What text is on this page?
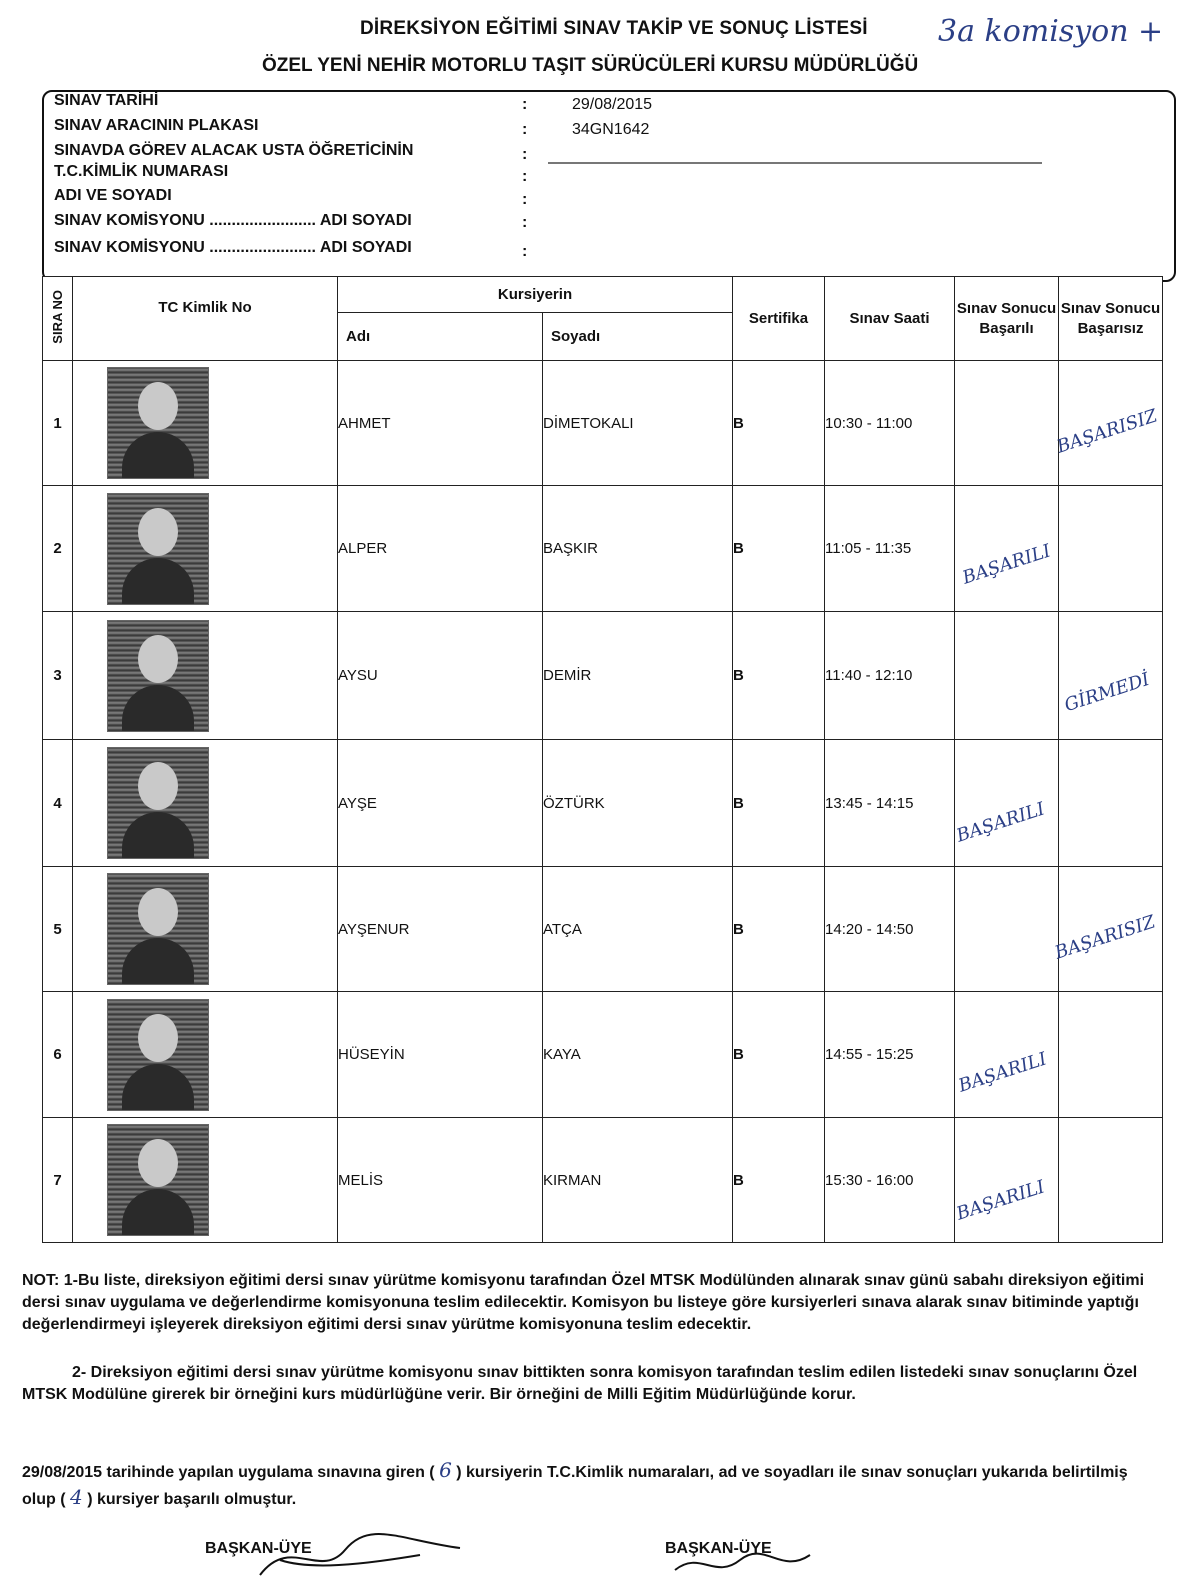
DİREKSİYON EĞİTİMİ SINAV TAKİP VE SONUÇ LİSTESİ 3a komisyon +
ÖZEL YENİ NEHİR MOTORLU TAŞIT SÜRÜCÜLERİ KURSU MÜDÜRLÜĞÜ
SINAV TARİHİ	:	29/08/2015
SINAV ARACININ PLAKASI	:	34GN1642
SINAVDA GÖREV ALACAK USTA ÖĞRETİCİNİN	:
T.C.KİMLİK NUMARASI	:
ADI VE SOYADI	:
SINAV KOMİSYONU ........................ ADI SOYADI	:
SINAV KOMİSYONU ........................ ADI SOYADI	:
SIRA NO	TC Kimlik No	Kursiyerin		Sertifika	Sınav Saati	Sınav Sonucu Başarılı	Sınav Sonucu Başarısız
		Adı	Soyadı				
1		AHMET	DİMETOKALI	B	10:30 - 11:00		BAŞARISIZ

2		ALPER	BAŞKIR	B	11:05 - 11:35	BAŞARILI	

3		AYSU	DEMİR	B	11:40 - 12:10		GİRMEDİ

4		AYŞE	ÖZTÜRK	B	13:45 - 14:15	BAŞARILI	

5		AYŞENUR	ATÇA	B	14:20 - 14:50		BAŞARISIZ

6		HÜSEYİN	KAYA	B	14:55 - 15:25	BAŞARILI	

7		MELİS	KIRMAN	B	15:30 - 16:00	BAŞARILI	

NOT: 1-Bu liste, direksiyon eğitimi dersi sınav yürütme komisyonu tarafından Özel MTSK Modülünden alınarak sınav günü sabahı direksiyon eğitimi dersi sınav uygulama ve değerlendirme komisyonuna teslim edilecektir. Komisyon bu listeye göre kursiyerleri sınava alarak sınav bitiminde yaptığı değerlendirmeyi işleyerek direksiyon eğitimi dersi sınav yürütme komisyonuna teslim edecektir.
2- Direksiyon eğitimi dersi sınav yürütme komisyonu sınav bittikten sonra komisyon tarafından teslim edilen listedeki sınav sonuçlarını Özel MTSK Modülüne girerek bir örneğini kurs müdürlüğüne verir. Bir örneğini de Milli Eğitim Müdürlüğünde korur.
29/08/2015 tarihinde yapılan uygulama sınavına giren ( 6 ) kursiyerin T.C.Kimlik numaraları, ad ve soyadları ile sınav sonuçları yukarıda belirtilmiş olup ( 4 ) kursiyer başarılı olmuştur.
BAŞKAN-ÜYE	BAŞKAN-ÜYE
